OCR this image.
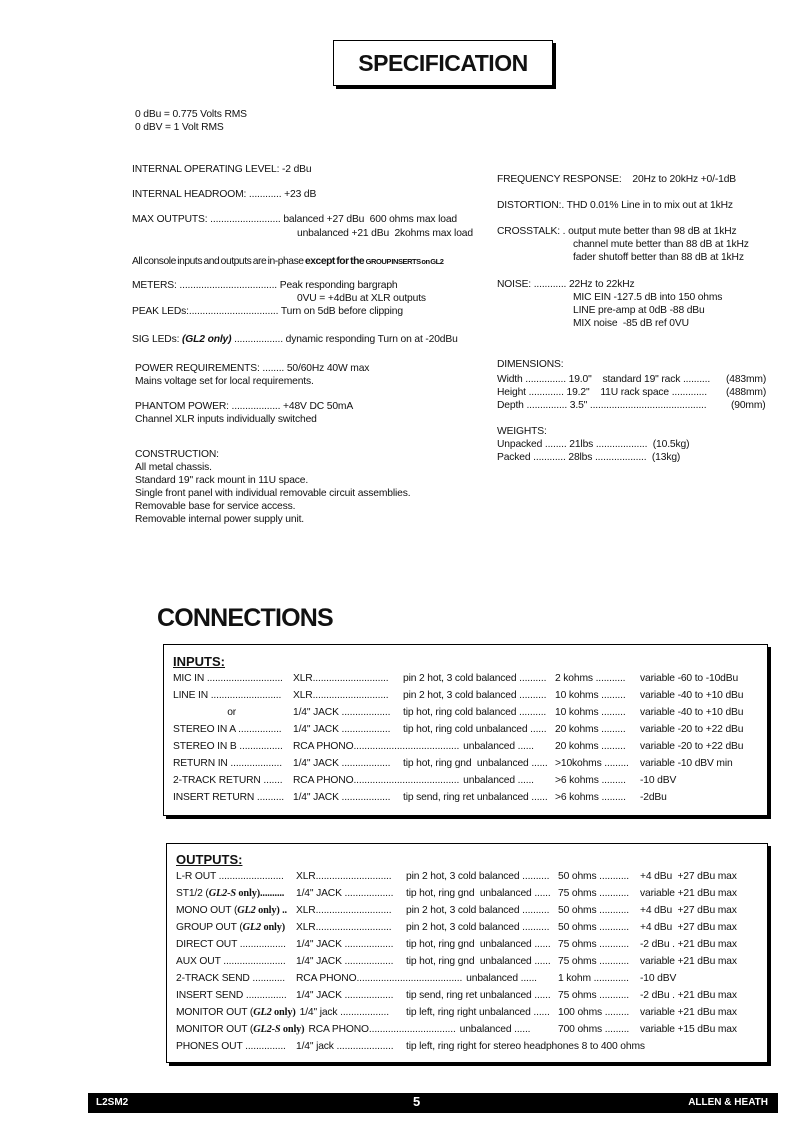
SPECIFICATION
0 dBu = 0.775 Volts RMS
0 dBV = 1 Volt RMS
INTERNAL OPERATING LEVEL: -2 dBu
INTERNAL HEADROOM: ............ +23 dB
MAX OUTPUTS: .......................... balanced +27 dBu  600 ohms max load
unbalanced +21 dBu  2kohms max load
All console inputs and outputs are in-phase except for the GROUP INSERTS on GL2
METERS: .................................... Peak responding bargraph
0VU = +4dBu at XLR outputs
PEAK LEDs:................................. Turn on 5dB before clipping
SIG LEDs: (GL2 only) .................. dynamic responding Turn on at -20dBu
POWER REQUIREMENTS: ........ 50/60Hz 40W max
Mains voltage set for local requirements.
PHANTOM POWER: .................. +48V DC 50mA
Channel XLR inputs individually switched
CONSTRUCTION:
All metal chassis.
Standard 19" rack mount in 11U space.
Single front panel with individual removable circuit assemblies.
Removable base for service access.
Removable internal power supply unit.
FREQUENCY RESPONSE:    20Hz to 20kHz +0/-1dB
DISTORTION:. THD 0.01% Line in to mix out at 1kHz
CROSSTALK: . output mute better than 98 dB at 1kHz
channel mute better than 88 dB at 1kHz
fader shutoff better than 88 dB at 1kHz
NOISE: ............ 22Hz to 22kHz
MIC EIN -127.5 dB into 150 ohms
LINE pre-amp at 0dB -88 dBu
MIX noise  -85 dB ref 0VU
DIMENSIONS:
Width ............... 19.0"    standard 19" rack .......... (483mm)
Height ............. 19.2"    11U rack space ............. (488mm)
Depth ............... 3.5" ........................................... (90mm)
WEIGHTS:
Unpacked ........ 21lbs ...................  (10.5kg)
Packed ............ 28lbs ...................  (13kg)
CONNECTIONS
INPUTS:
MIC IN ............................ XLR............................ pin 2 hot, 3 cold balanced .......... 2 kohms ........... variable -60 to -10dBu
LINE IN .......................... XLR............................ pin 2 hot, 3 cold balanced .......... 10 kohms ......... variable -40 to +10 dBu
or	1/4" JACK .................. tip hot, ring cold balanced .......... 10 kohms ......... variable -40 to +10 dBu
STEREO IN A ................ 1/4" JACK .................. tip hot, ring cold unbalanced ...... 20 kohms ......... variable -20 to +22 dBu
STEREO IN B ................ RCA PHONO....................................... unbalanced ...... 20 kohms ......... variable -20 to +22 dBu
RETURN IN ................... 1/4" JACK .................. tip hot, ring gnd  unbalanced ...... >10kohms ......... variable -10 dBV min
2-TRACK RETURN ....... RCA PHONO....................................... unbalanced ...... >6 kohms ......... -10 dBV
INSERT RETURN .......... 1/4" JACK .................. tip send, ring ret unbalanced ...... >6 kohms ......... -2dBu
OUTPUTS:
L-R OUT ........................ XLR............................ pin 2 hot, 3 cold balanced .......... 50 ohms ........... +4 dBu  +27 dBu max
ST1/2 (GL2-S only).......... 1/4" JACK .................. tip hot, ring gnd  unbalanced ...... 75 ohms ........... variable +21 dBu max
MONO OUT (GL2 only) .. XLR............................ pin 2 hot, 3 cold balanced .......... 50 ohms ........... +4 dBu  +27 dBu max
GROUP OUT (GL2 only) XLR............................ pin 2 hot, 3 cold balanced .......... 50 ohms ........... +4 dBu  +27 dBu max
DIRECT OUT ................. 1/4" JACK .................. tip hot, ring gnd  unbalanced ...... 75 ohms ........... -2 dBu . +21 dBu max
AUX OUT ....................... 1/4" JACK .................. tip hot, ring gnd  unbalanced ...... 75 ohms ........... variable +21 dBu max
2-TRACK SEND ............ RCA PHONO....................................... unbalanced ...... 1 kohm ............. -10 dBV
INSERT SEND ............... 1/4" JACK .................. tip send, ring ret unbalanced ...... 75 ohms ........... -2 dBu . +21 dBu max
MONITOR OUT (GL2 only) 1/4" jack .................. tip left, ring right unbalanced ...... 100 ohms ......... variable +21 dBu max
MONITOR OUT (GL2-S only) RCA PHONO................................ unbalanced ......	700 ohms ......... variable +15 dBu max
PHONES OUT ............... 1/4" jack ..................... tip left, ring right for stereo headphones 8 to 400 ohms
L2SM2	5	ALLEN & HEATH
